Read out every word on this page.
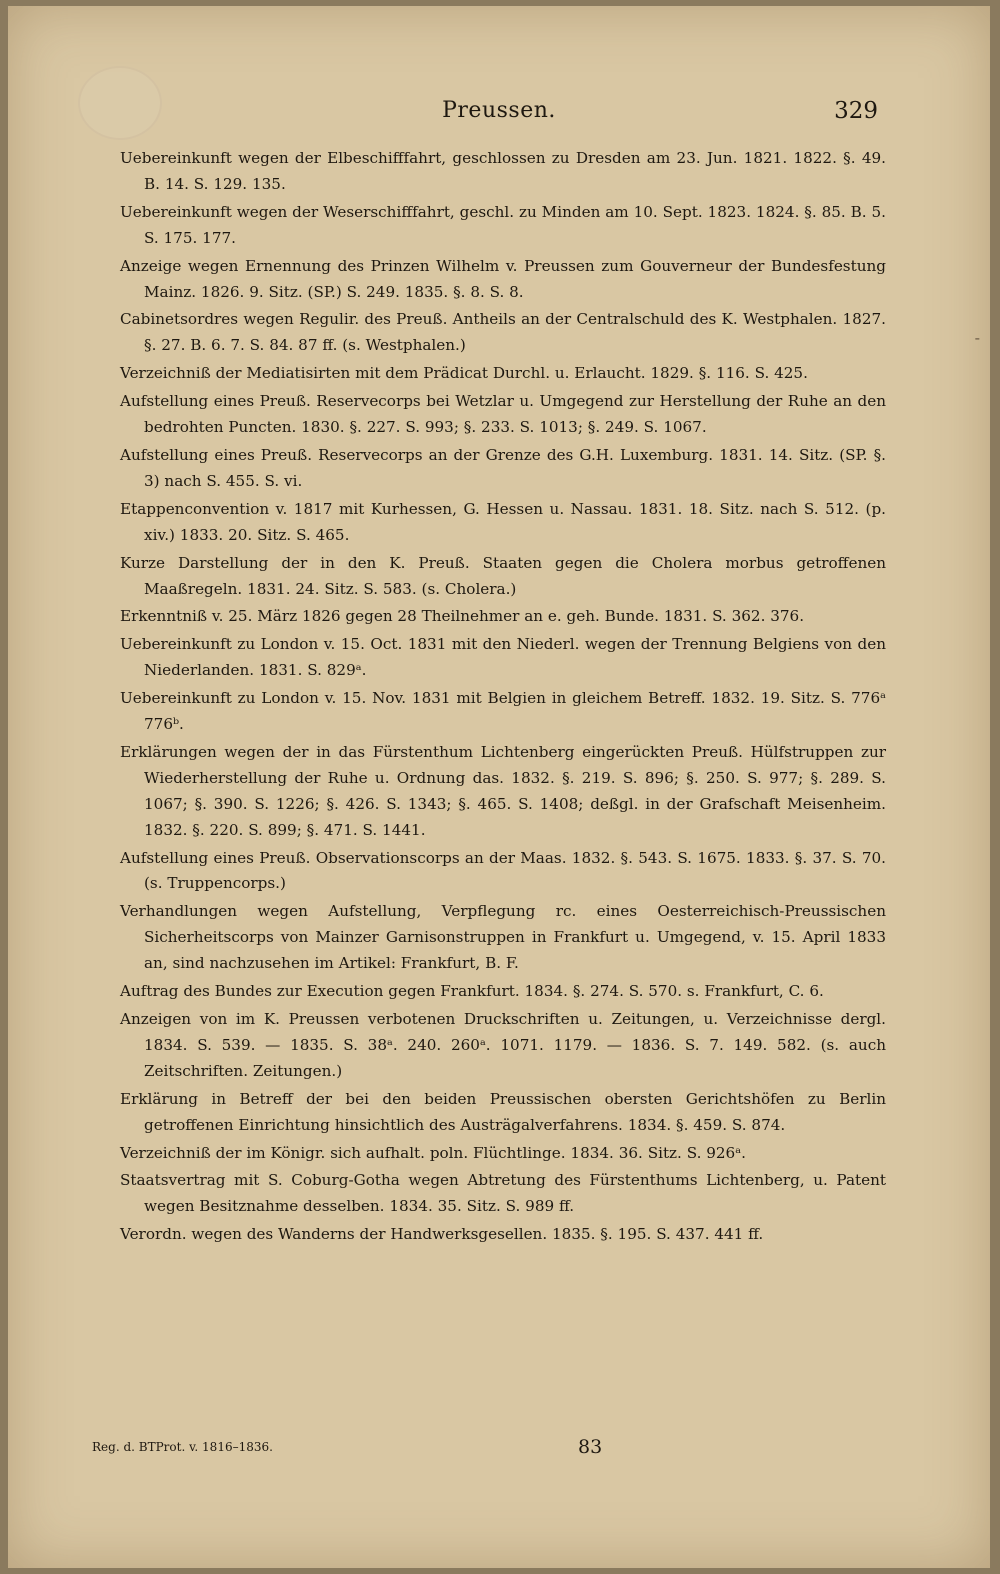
Preussen.	329
-

Uebereinkunft wegen der Elbeschifffahrt, geschlossen zu Dresden am 23. Jun. 1821. 1822. §. 49. B. 14. S. 129. 135.

Uebereinkunft wegen der Weserschifffahrt, geschl. zu Minden am 10. Sept. 1823. 1824. §. 85. B. 5. S. 175. 177.

Anzeige wegen Ernennung des Prinzen Wilhelm v. Preussen zum Gouverneur der Bundesfestung Mainz. 1826. 9. Sitz. (SP.) S. 249. 1835. §. 8. S. 8.

Cabinetsordres wegen Regulir. des Preuß. Antheils an der Centralschuld des K. Westphalen. 1827. §. 27. B. 6. 7. S. 84. 87 ff. (s. Westphalen.)

Verzeichniß der Mediatisirten mit dem Prädicat Durchl. u. Erlaucht. 1829. §. 116. S. 425.

Aufstellung eines Preuß. Reservecorps bei Wetzlar u. Umgegend zur Herstellung der Ruhe an den bedrohten Puncten. 1830. §. 227. S. 993; §. 233. S. 1013; §. 249. S. 1067.

Aufstellung eines Preuß. Reservecorps an der Grenze des G.H. Luxemburg. 1831. 14. Sitz. (SP. §. 3) nach S. 455. S. vi.

Etappenconvention v. 1817 mit Kurhessen, G. Hessen u. Nassau. 1831. 18. Sitz. nach S. 512. (p. xiv.) 1833. 20. Sitz. S. 465.

Kurze Darstellung der in den K. Preuß. Staaten gegen die Cholera morbus getroffenen Maaßregeln. 1831. 24. Sitz. S. 583. (s. Cholera.)

Erkenntniß v. 25. März 1826 gegen 28 Theilnehmer an e. geh. Bunde. 1831. S. 362. 376.

Uebereinkunft zu London v. 15. Oct. 1831 mit den Niederl. wegen der Trennung Belgiens von den Niederlanden. 1831. S. 829ᵃ.

Uebereinkunft zu London v. 15. Nov. 1831 mit Belgien in gleichem Betreff. 1832. 19. Sitz. S. 776ᵃ 776ᵇ.

Erklärungen wegen der in das Fürstenthum Lichtenberg eingerückten Preuß. Hülfstruppen zur Wiederherstellung der Ruhe u. Ordnung das. 1832. §. 219. S. 896; §. 250. S. 977; §. 289. S. 1067; §. 390. S. 1226; §. 426. S. 1343; §. 465. S. 1408; deßgl. in der Grafschaft Meisenheim. 1832. §. 220. S. 899; §. 471. S. 1441.

Aufstellung eines Preuß. Observationscorps an der Maas. 1832. §. 543. S. 1675. 1833. §. 37. S. 70. (s. Truppencorps.)

Verhandlungen wegen Aufstellung, Verpflegung rc. eines Oesterreichisch-Preussischen Sicherheitscorps von Mainzer Garnisonstruppen in Frankfurt u. Umgegend, v. 15. April 1833 an, sind nachzusehen im Artikel: Frankfurt, B. F.

Auftrag des Bundes zur Execution gegen Frankfurt. 1834. §. 274. S. 570. s. Frankfurt, C. 6.

Anzeigen von im K. Preussen verbotenen Druckschriften u. Zeitungen, u. Verzeichnisse dergl. 1834. S. 539. — 1835. S. 38ᵃ. 240. 260ᵃ. 1071. 1179. — 1836. S. 7. 149. 582. (s. auch Zeitschriften. Zeitungen.)

Erklärung in Betreff der bei den beiden Preussischen obersten Gerichtshöfen zu Berlin getroffenen Einrichtung hinsichtlich des Austrägalverfahrens. 1834. §. 459. S. 874.

Verzeichniß der im Königr. sich aufhalt. poln. Flüchtlinge. 1834. 36. Sitz. S. 926ᵃ.

Staatsvertrag mit S. Coburg-Gotha wegen Abtretung des Fürstenthums Lichtenberg, u. Patent wegen Besitznahme desselben. 1834. 35. Sitz. S. 989 ff.

Verordn. wegen des Wanderns der Handwerksgesellen. 1835. §. 195. S. 437. 441 ff.

Reg. d. BTProt. v. 1816–1836.	83
